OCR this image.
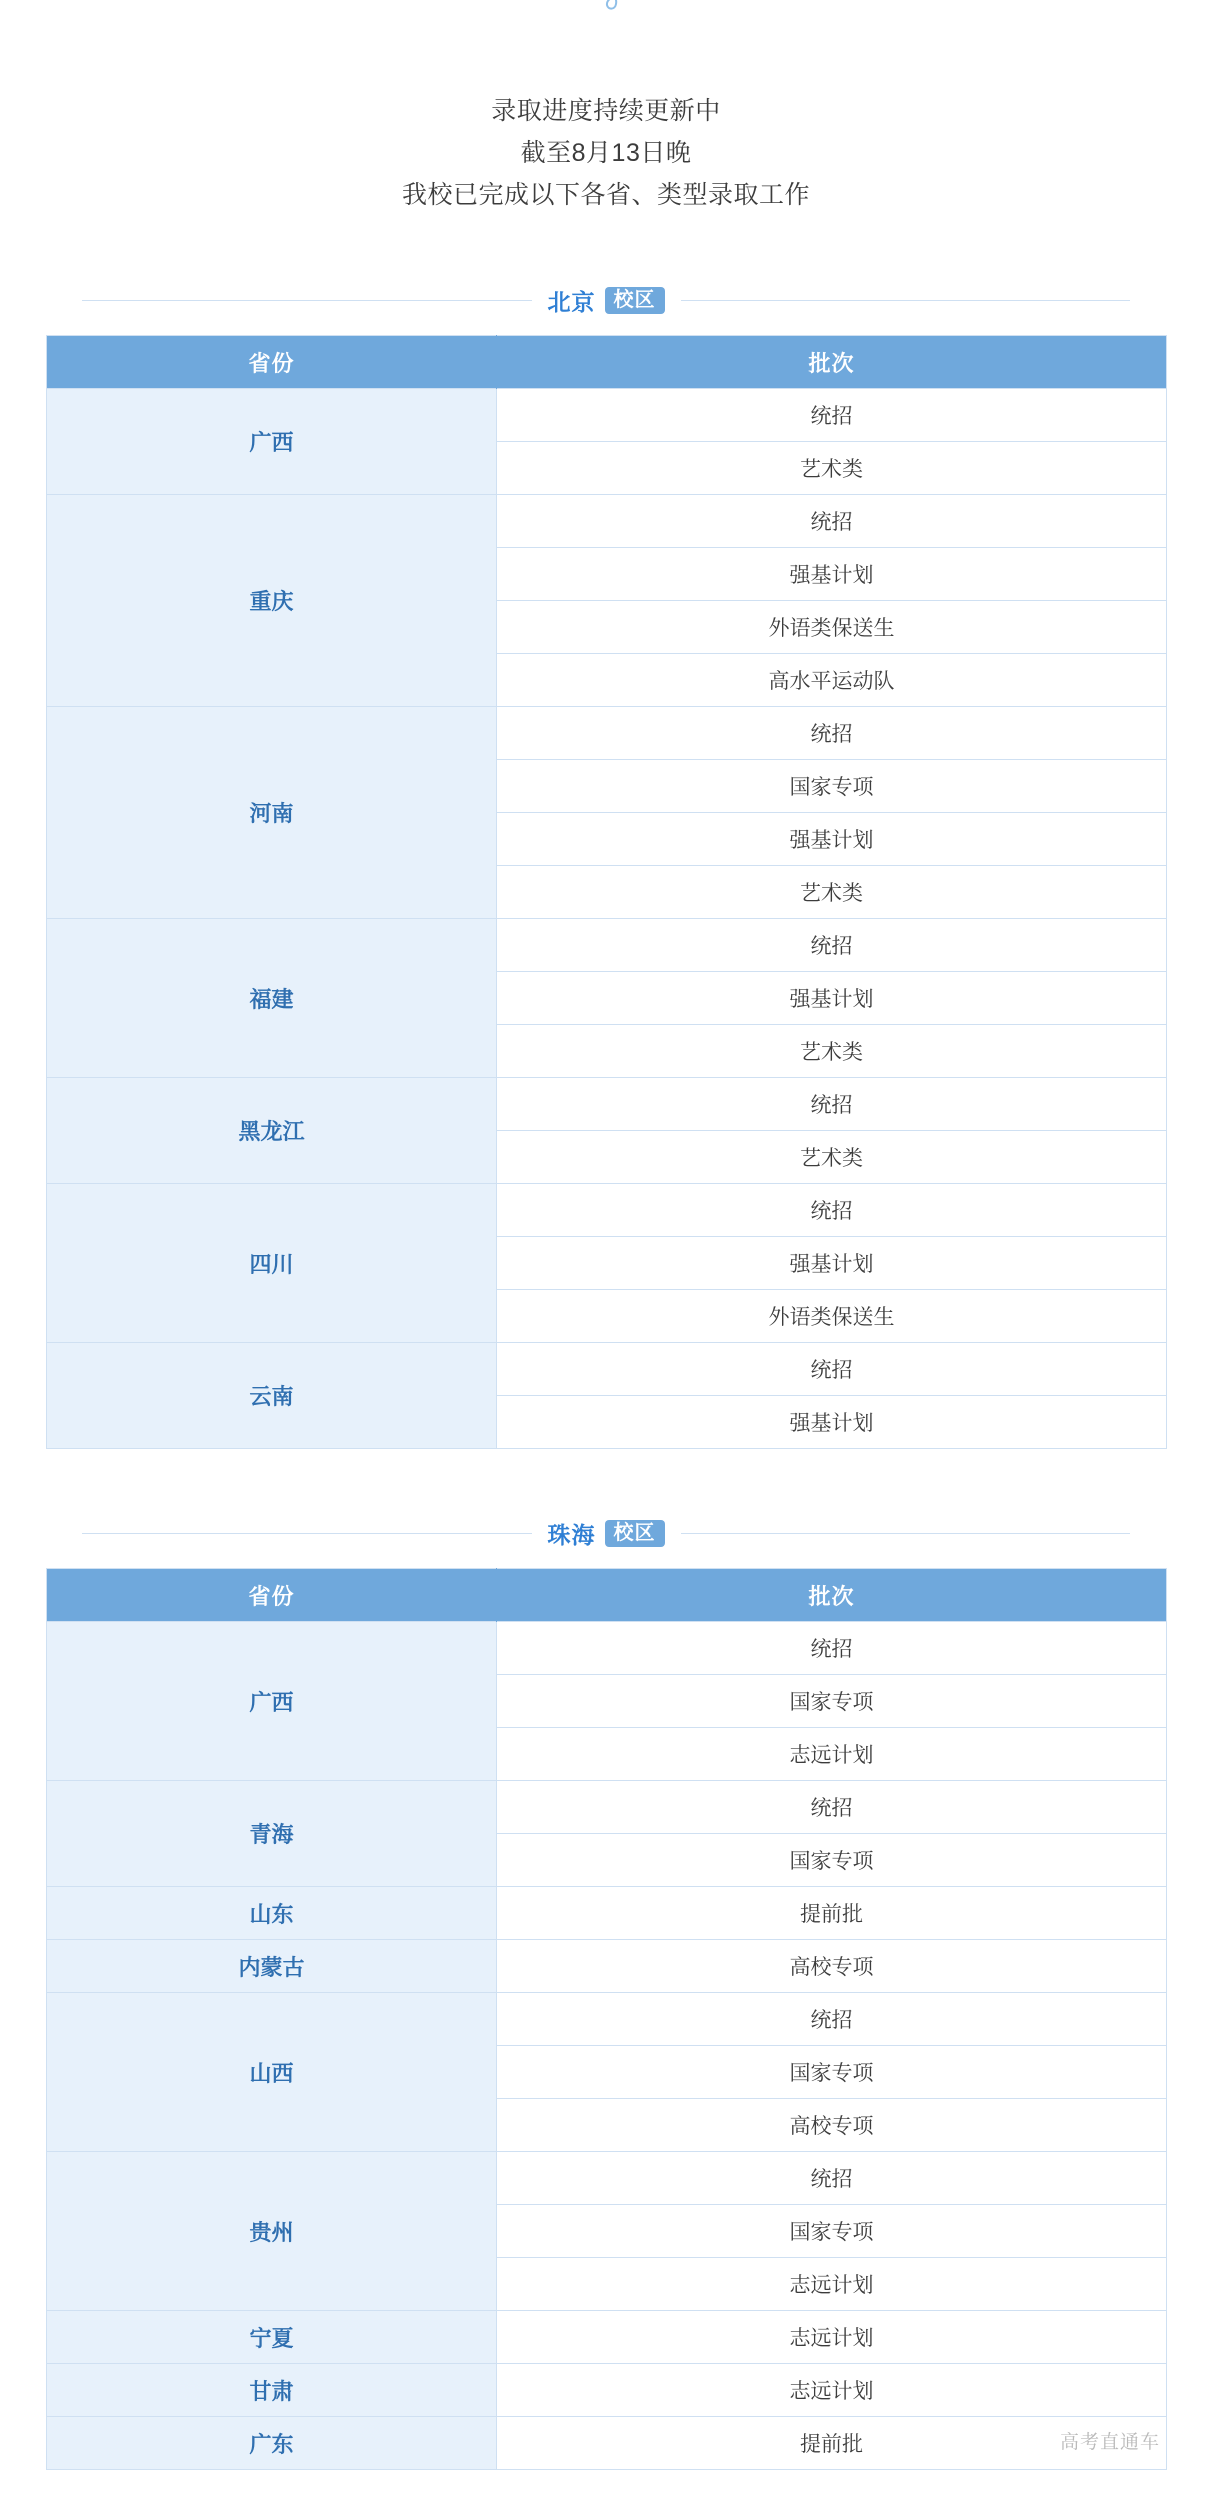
录取进度持续更新中
截至8月13日晚
我校已完成以下各省、类型录取工作
北京 校区
省份	批次
广西	统招
	艺术类
重庆	统招
	强基计划
	外语类保送生
	高水平运动队
河南	统招
	国家专项
	强基计划
	艺术类
福建	统招
	强基计划
	艺术类
黑龙江	统招
	艺术类
四川	统招
	强基计划
	外语类保送生
云南	统招
	强基计划
珠海 校区
省份	批次
广西	统招
	国家专项
	志远计划
青海	统招
	国家专项
山东	提前批
内蒙古	高校专项
山西	统招
	国家专项
	高校专项
贵州	统招
	国家专项
	志远计划
宁夏	志远计划
甘肃	志远计划
广东	提前批	高考直通车
